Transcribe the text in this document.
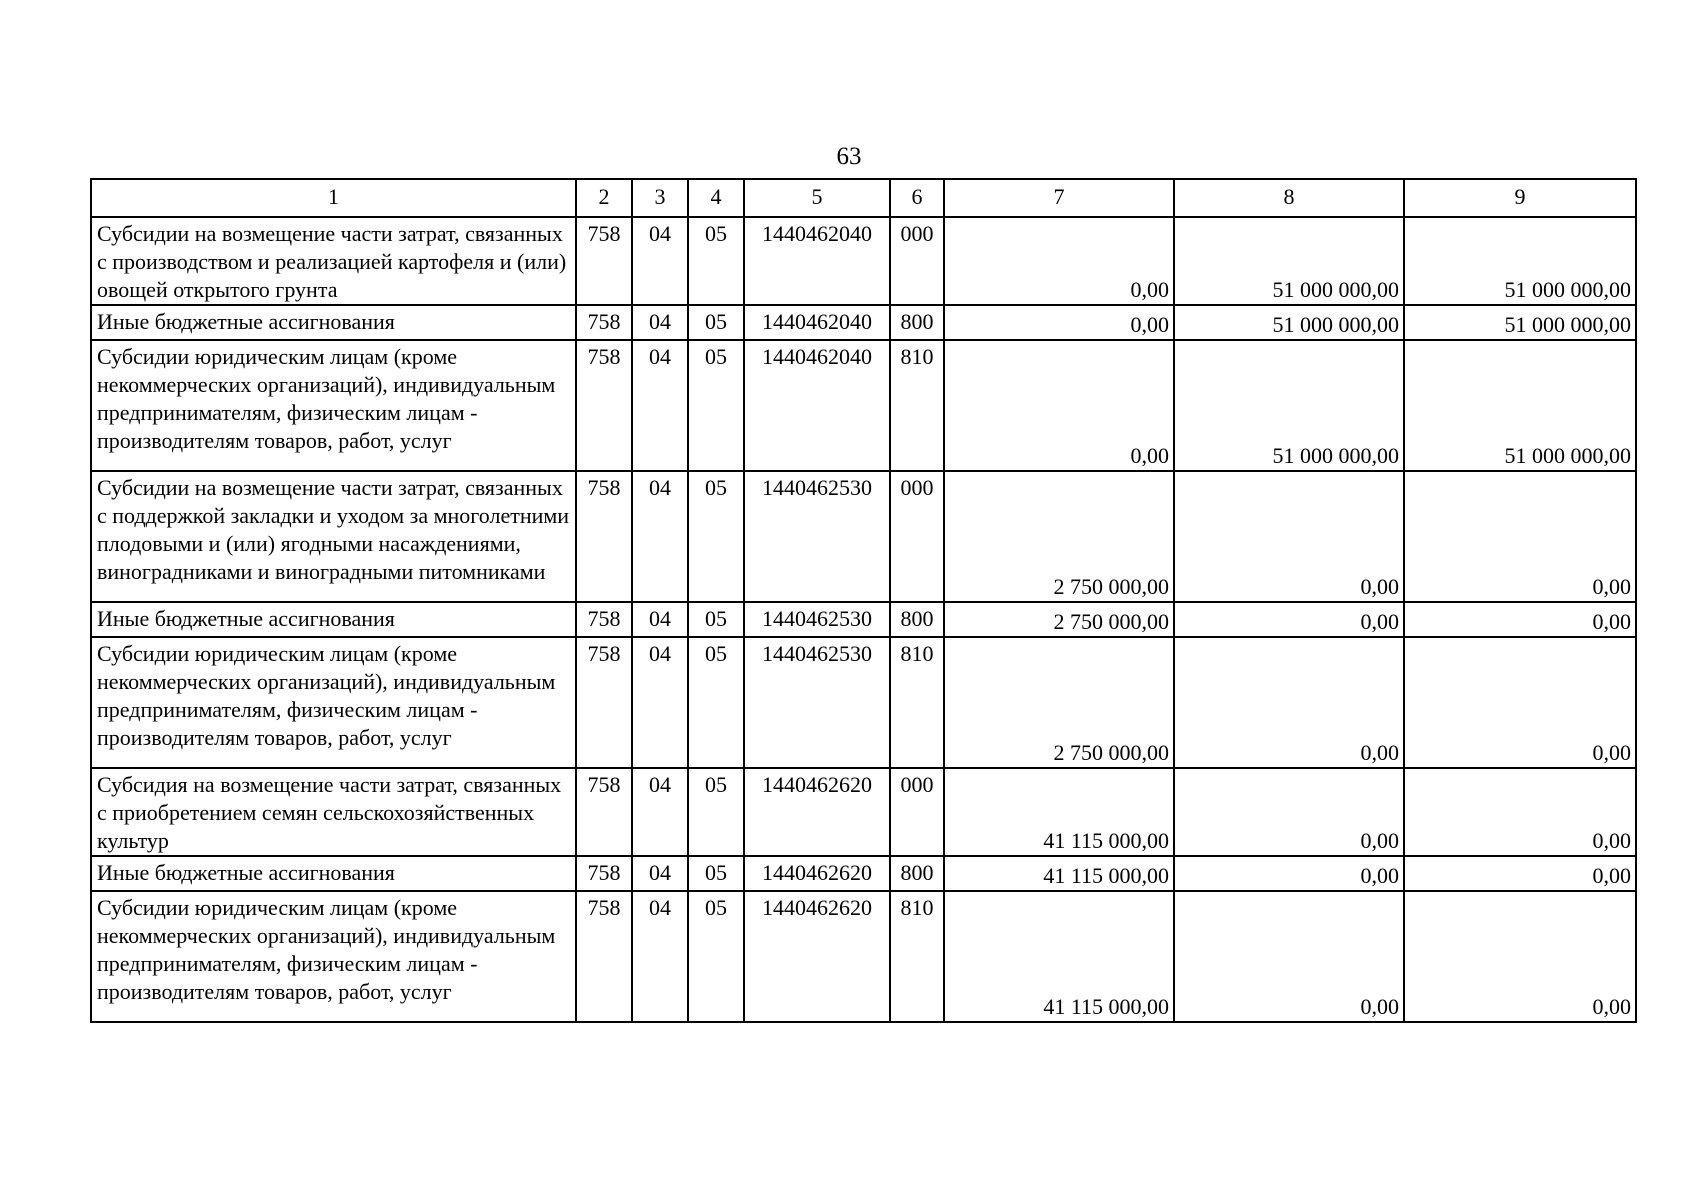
63
1	2	3	4	5	6	7	8	9
Субсидии на возмещение части затрат, связанных с производством и реализацией картофеля и (или) овощей открытого грунта	758	04	05	1440462040	000	0,00	51 000 000,00	51 000 000,00
Иные бюджетные ассигнования	758	04	05	1440462040	800	0,00	51 000 000,00	51 000 000,00
Субсидии юридическим лицам (кроме некоммерческих организаций), индивидуальным предпринимателям, физическим лицам - производителям товаров, работ, услуг	758	04	05	1440462040	810	0,00	51 000 000,00	51 000 000,00
Субсидии на возмещение части затрат, связанных с поддержкой закладки и уходом за многолетними плодовыми и (или) ягодными насаждениями, виноградниками и виноградными питомниками	758	04	05	1440462530	000	2 750 000,00	0,00	0,00
Иные бюджетные ассигнования	758	04	05	1440462530	800	2 750 000,00	0,00	0,00
Субсидии юридическим лицам (кроме некоммерческих организаций), индивидуальным предпринимателям, физическим лицам - производителям товаров, работ, услуг	758	04	05	1440462530	810	2 750 000,00	0,00	0,00
Субсидия на возмещение части затрат, связанных с приобретением семян сельскохозяйственных культур	758	04	05	1440462620	000	41 115 000,00	0,00	0,00
Иные бюджетные ассигнования	758	04	05	1440462620	800	41 115 000,00	0,00	0,00
Субсидии юридическим лицам (кроме некоммерческих организаций), индивидуальным предпринимателям, физическим лицам - производителям товаров, работ, услуг	758	04	05	1440462620	810	41 115 000,00	0,00	0,00
